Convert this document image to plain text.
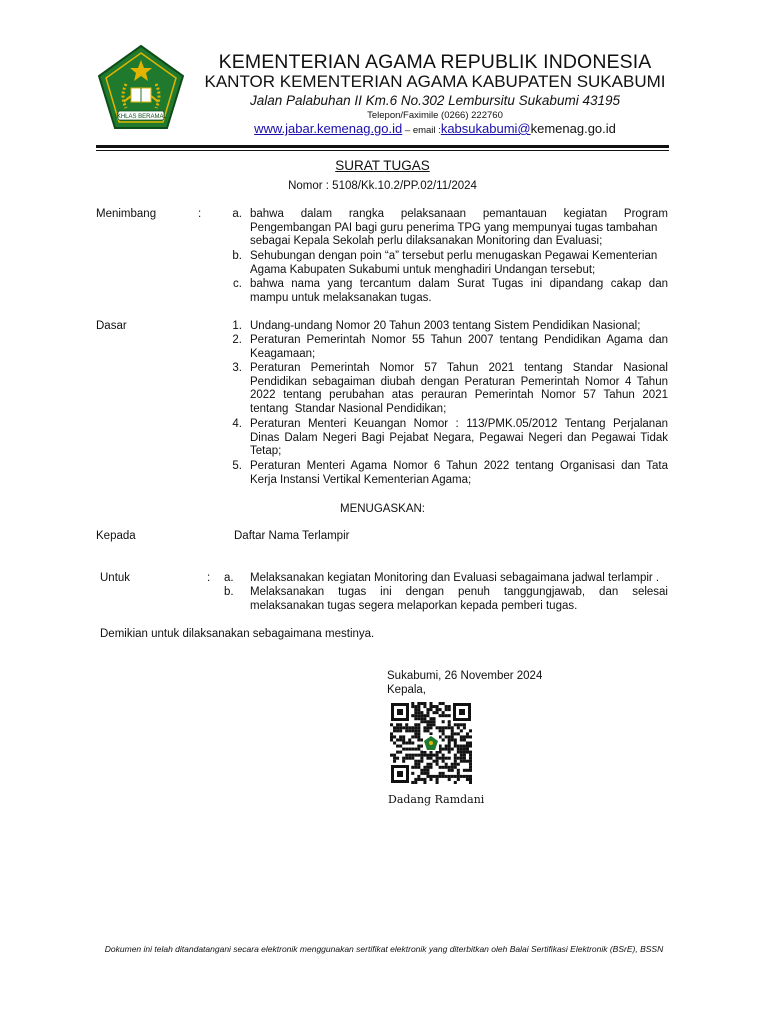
IKHLAS BERAMAL
KEMENTERIAN AGAMA REPUBLIK INDONESIA
KANTOR KEMENTERIAN AGAMA KABUPATEN SUKABUMI
Jalan Palabuhan II Km.6 No.302 Lembursitu Sukabumi 43195
Telepon/Faximile (0266) 222760
www.jabar.kemenag.go.id – email :kabsukabumi@kemenag.go.id
SURAT TUGAS
Nomor : 5108/Kk.10.2/PP.02/11/2024
Menimbang	:	a. bahwa dalam rangka pelaksanaan pemantauan kegiatan Program
Pengembangan PAI bagi guru penerima TPG yang mempunyai tugas tambahan
sebagai Kepala Sekolah perlu dilaksanakan Monitoring dan Evaluasi;
b. Sehubungan dengan poin “a” tersebut perlu menugaskan Pegawai Kementerian
Agama Kabupaten Sukabumi untuk menghadiri Undangan tersebut;
c. bahwa nama yang tercantum dalam Surat Tugas ini dipandang cakap dan
mampu untuk melaksanakan tugas.
Dasar	1. Undang-undang Nomor 20 Tahun 2003 tentang Sistem Pendidikan Nasional;
2. Peraturan Pemerintah Nomor 55 Tahun 2007 tentang Pendidikan Agama dan
Keagamaan;
3. Peraturan Pemerintah Nomor 57 Tahun 2021 tentang Standar Nasional
Pendidikan sebagaiman diubah dengan Peraturan Pemerintah Nomor 4 Tahun
2022 tentang perubahan atas perauran Pemerintah Nomor 57 Tahun 2021
tentang  Standar Nasional Pendidikan;
4. Peraturan Menteri Keuangan Nomor : 113/PMK.05/2012 Tentang Perjalanan
Dinas Dalam Negeri Bagi Pejabat Negara, Pegawai Negeri dan Pegawai Tidak
Tetap;
5. Peraturan Menteri Agama Nomor 6 Tahun 2022 tentang Organisasi dan Tata
Kerja Instansi Vertikal Kementerian Agama;
MENUGASKAN:
Kepada	Daftar Nama Terlampir
Untuk	: a. Melaksanakan kegiatan Monitoring dan Evaluasi sebagaimana jadwal terlampir .
b. Melaksanakan tugas ini dengan penuh tanggungjawab, dan selesai
melaksanakan tugas segera melaporkan kepada pemberi tugas.
Demikian untuk dilaksanakan sebagaimana mestinya.
Sukabumi, 26 November 2024
Kepala,
Dadang Ramdani
Dokumen ini telah ditandatangani secara elektronik menggunakan sertifikat elektronik yang diterbitkan oleh Balai Sertifikasi Elektronik (BSrE), BSSN
